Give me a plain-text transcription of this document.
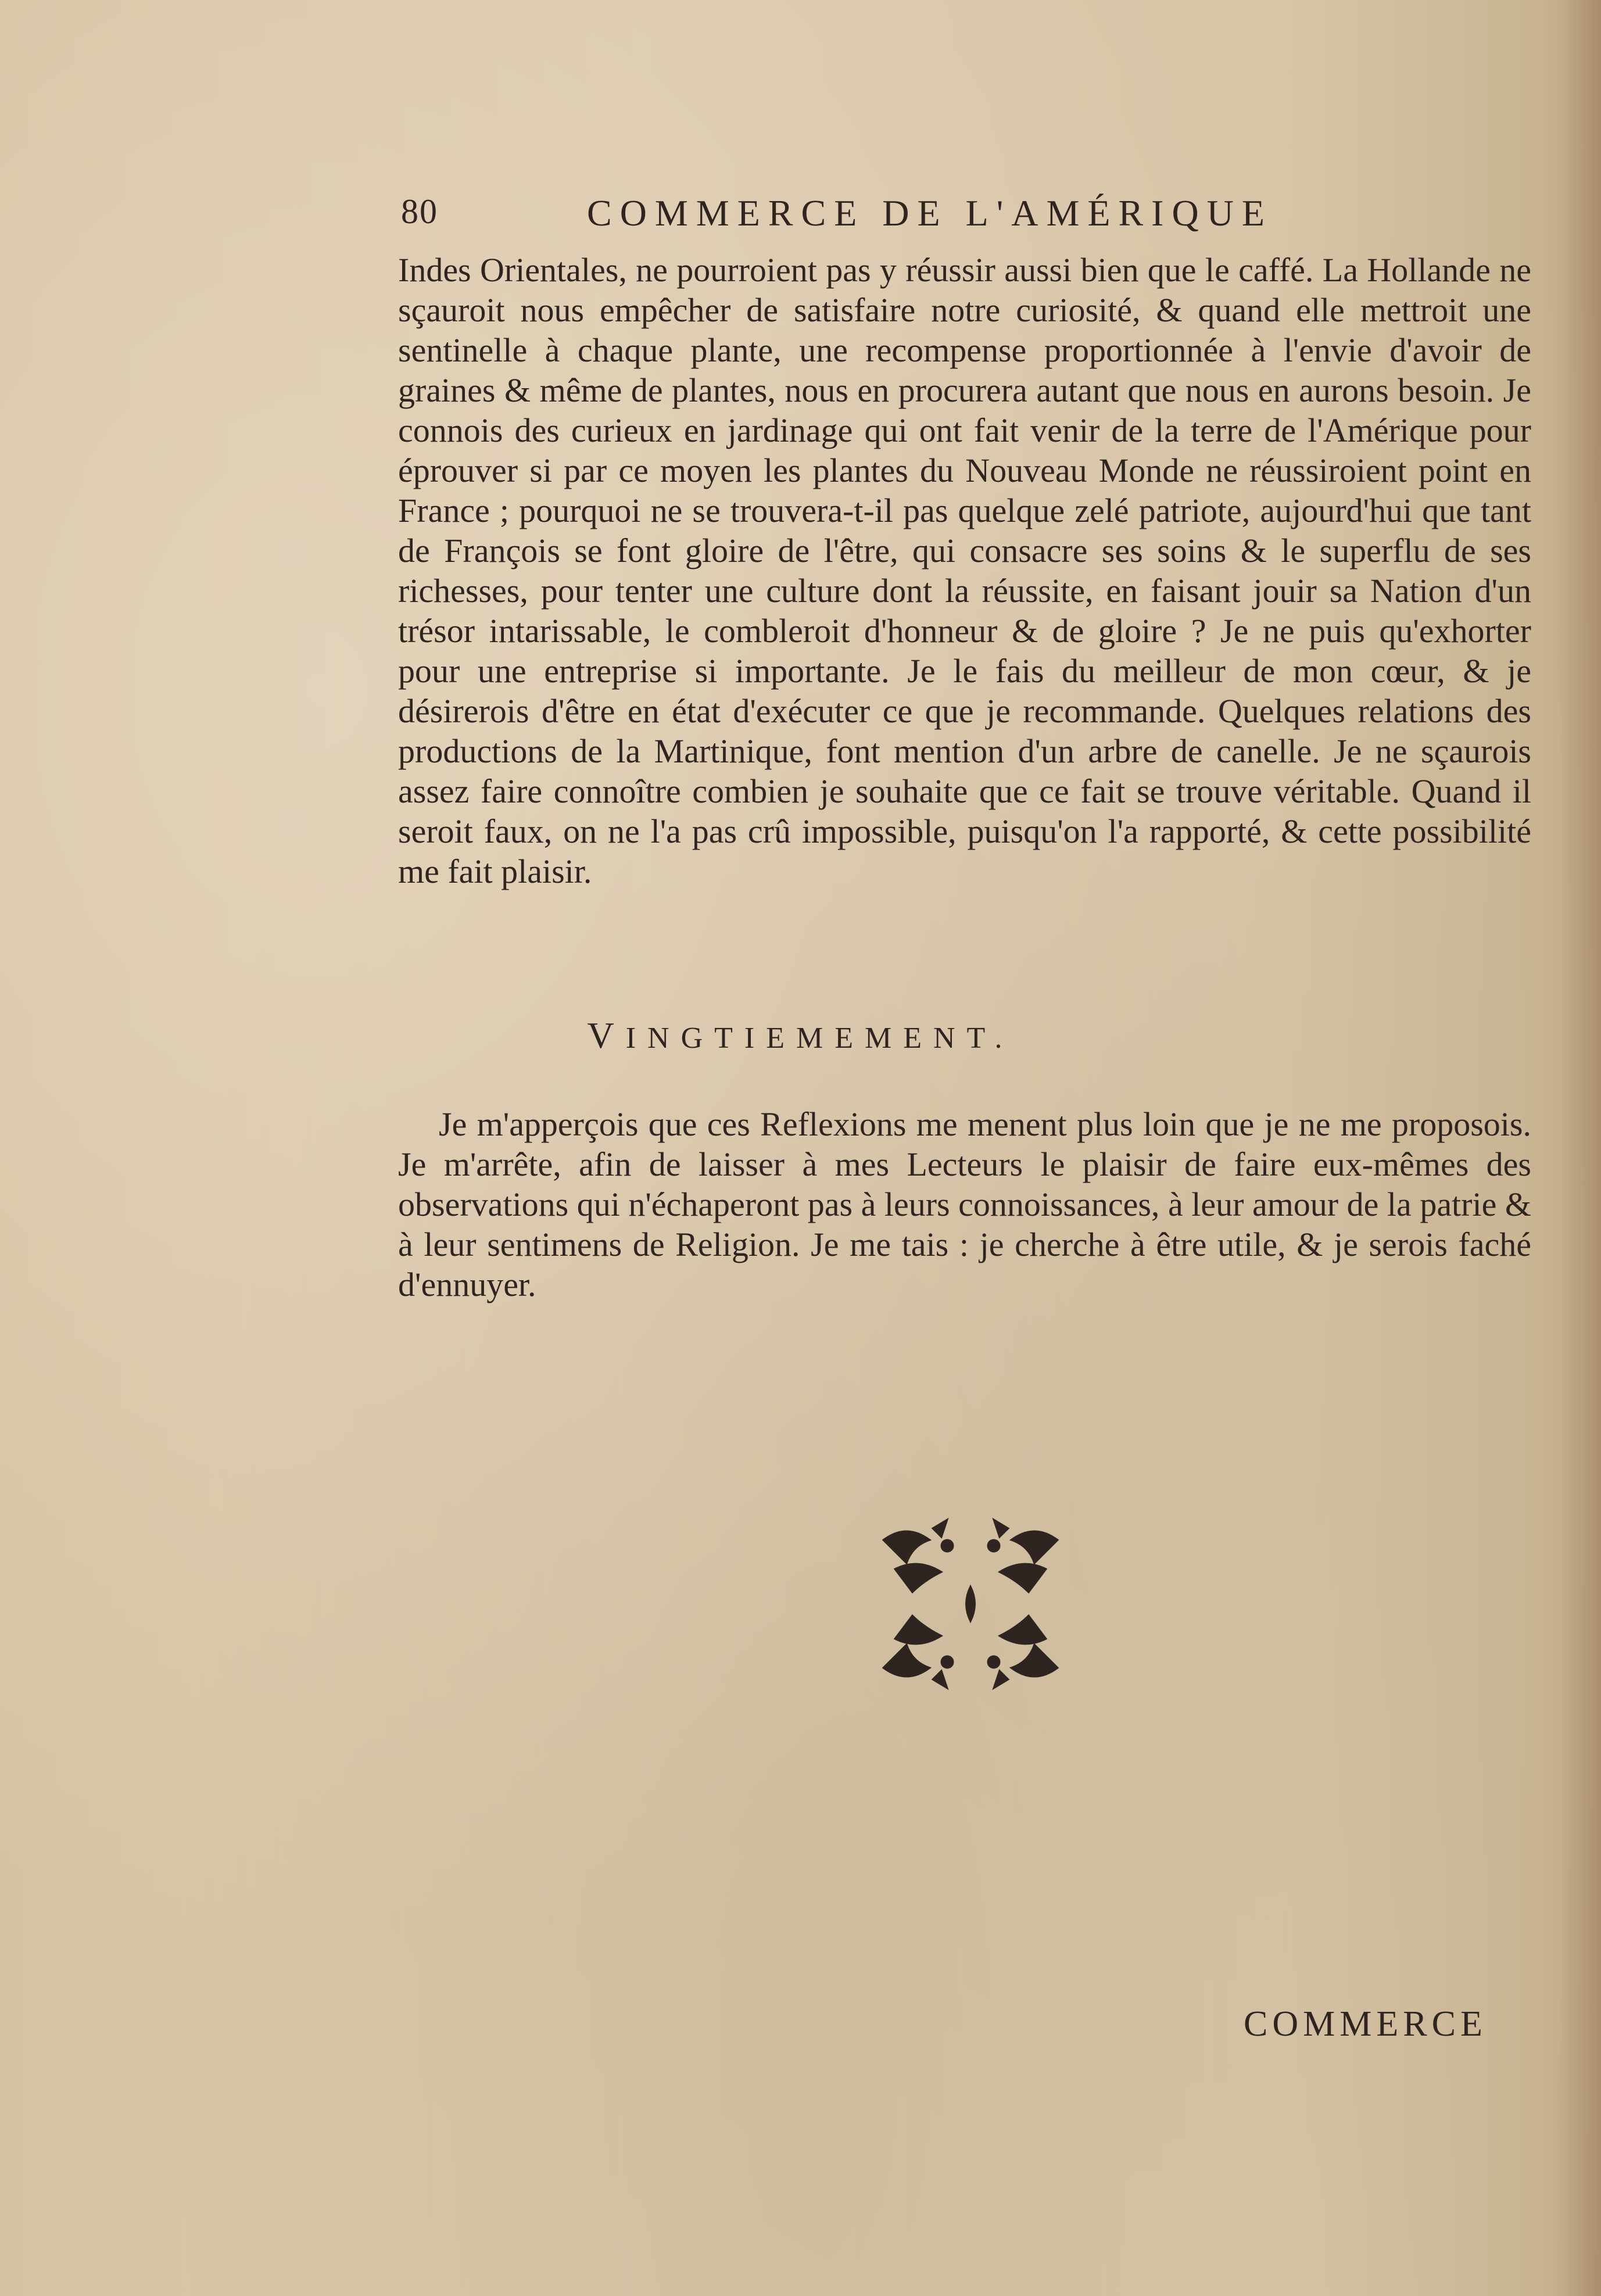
80	COMMERCE DE L'AMÉRIQUE

Indes Orientales, ne pourroient pas y réussir aussi bien que le caffé. La Hollande ne sçauroit nous empêcher de satisfaire notre curiosité, & quand elle mettroit une sentinelle à chaque plante, une recompense proportionnée à l'envie d'avoir de graines & même de plantes, nous en procurera autant que nous en aurons besoin. Je connois des curieux en jardinage qui ont fait venir de la terre de l'Amérique pour éprouver si par ce moyen les plantes du Nouveau Monde ne réussiroient point en France ; pourquoi ne se trouvera-t-il pas quelque zelé patriote, aujourd'hui que tant de François se font gloire de l'être, qui consacre ses soins & le superflu de ses richesses, pour tenter une culture dont la réussite, en faisant jouir sa Nation d'un trésor intarissable, le combleroit d'honneur & de gloire ? Je ne puis qu'exhorter pour une entreprise si importante. Je le fais du meilleur de mon cœur, & je désirerois d'être en état d'exécuter ce que je recommande. Quelques relations des productions de la Martinique, font mention d'un arbre de canelle. Je ne sçaurois assez faire connoître combien je souhaite que ce fait se trouve véritable. Quand il seroit faux, on ne l'a pas crû impossible, puisqu'on l'a rapporté, & cette possibilité me fait plaisir.

VINGTIEMEMENT.

Je m'apperçois que ces Reflexions me menent plus loin que je ne me proposois. Je m'arrête, afin de laisser à mes Lecteurs le plaisir de faire eux-mêmes des observations qui n'échaperont pas à leurs connoissances, à leur amour de la patrie & à leur sentimens de Religion. Je me tais : je cherche à être utile, & je serois faché d'ennuyer.

COMMERCE
